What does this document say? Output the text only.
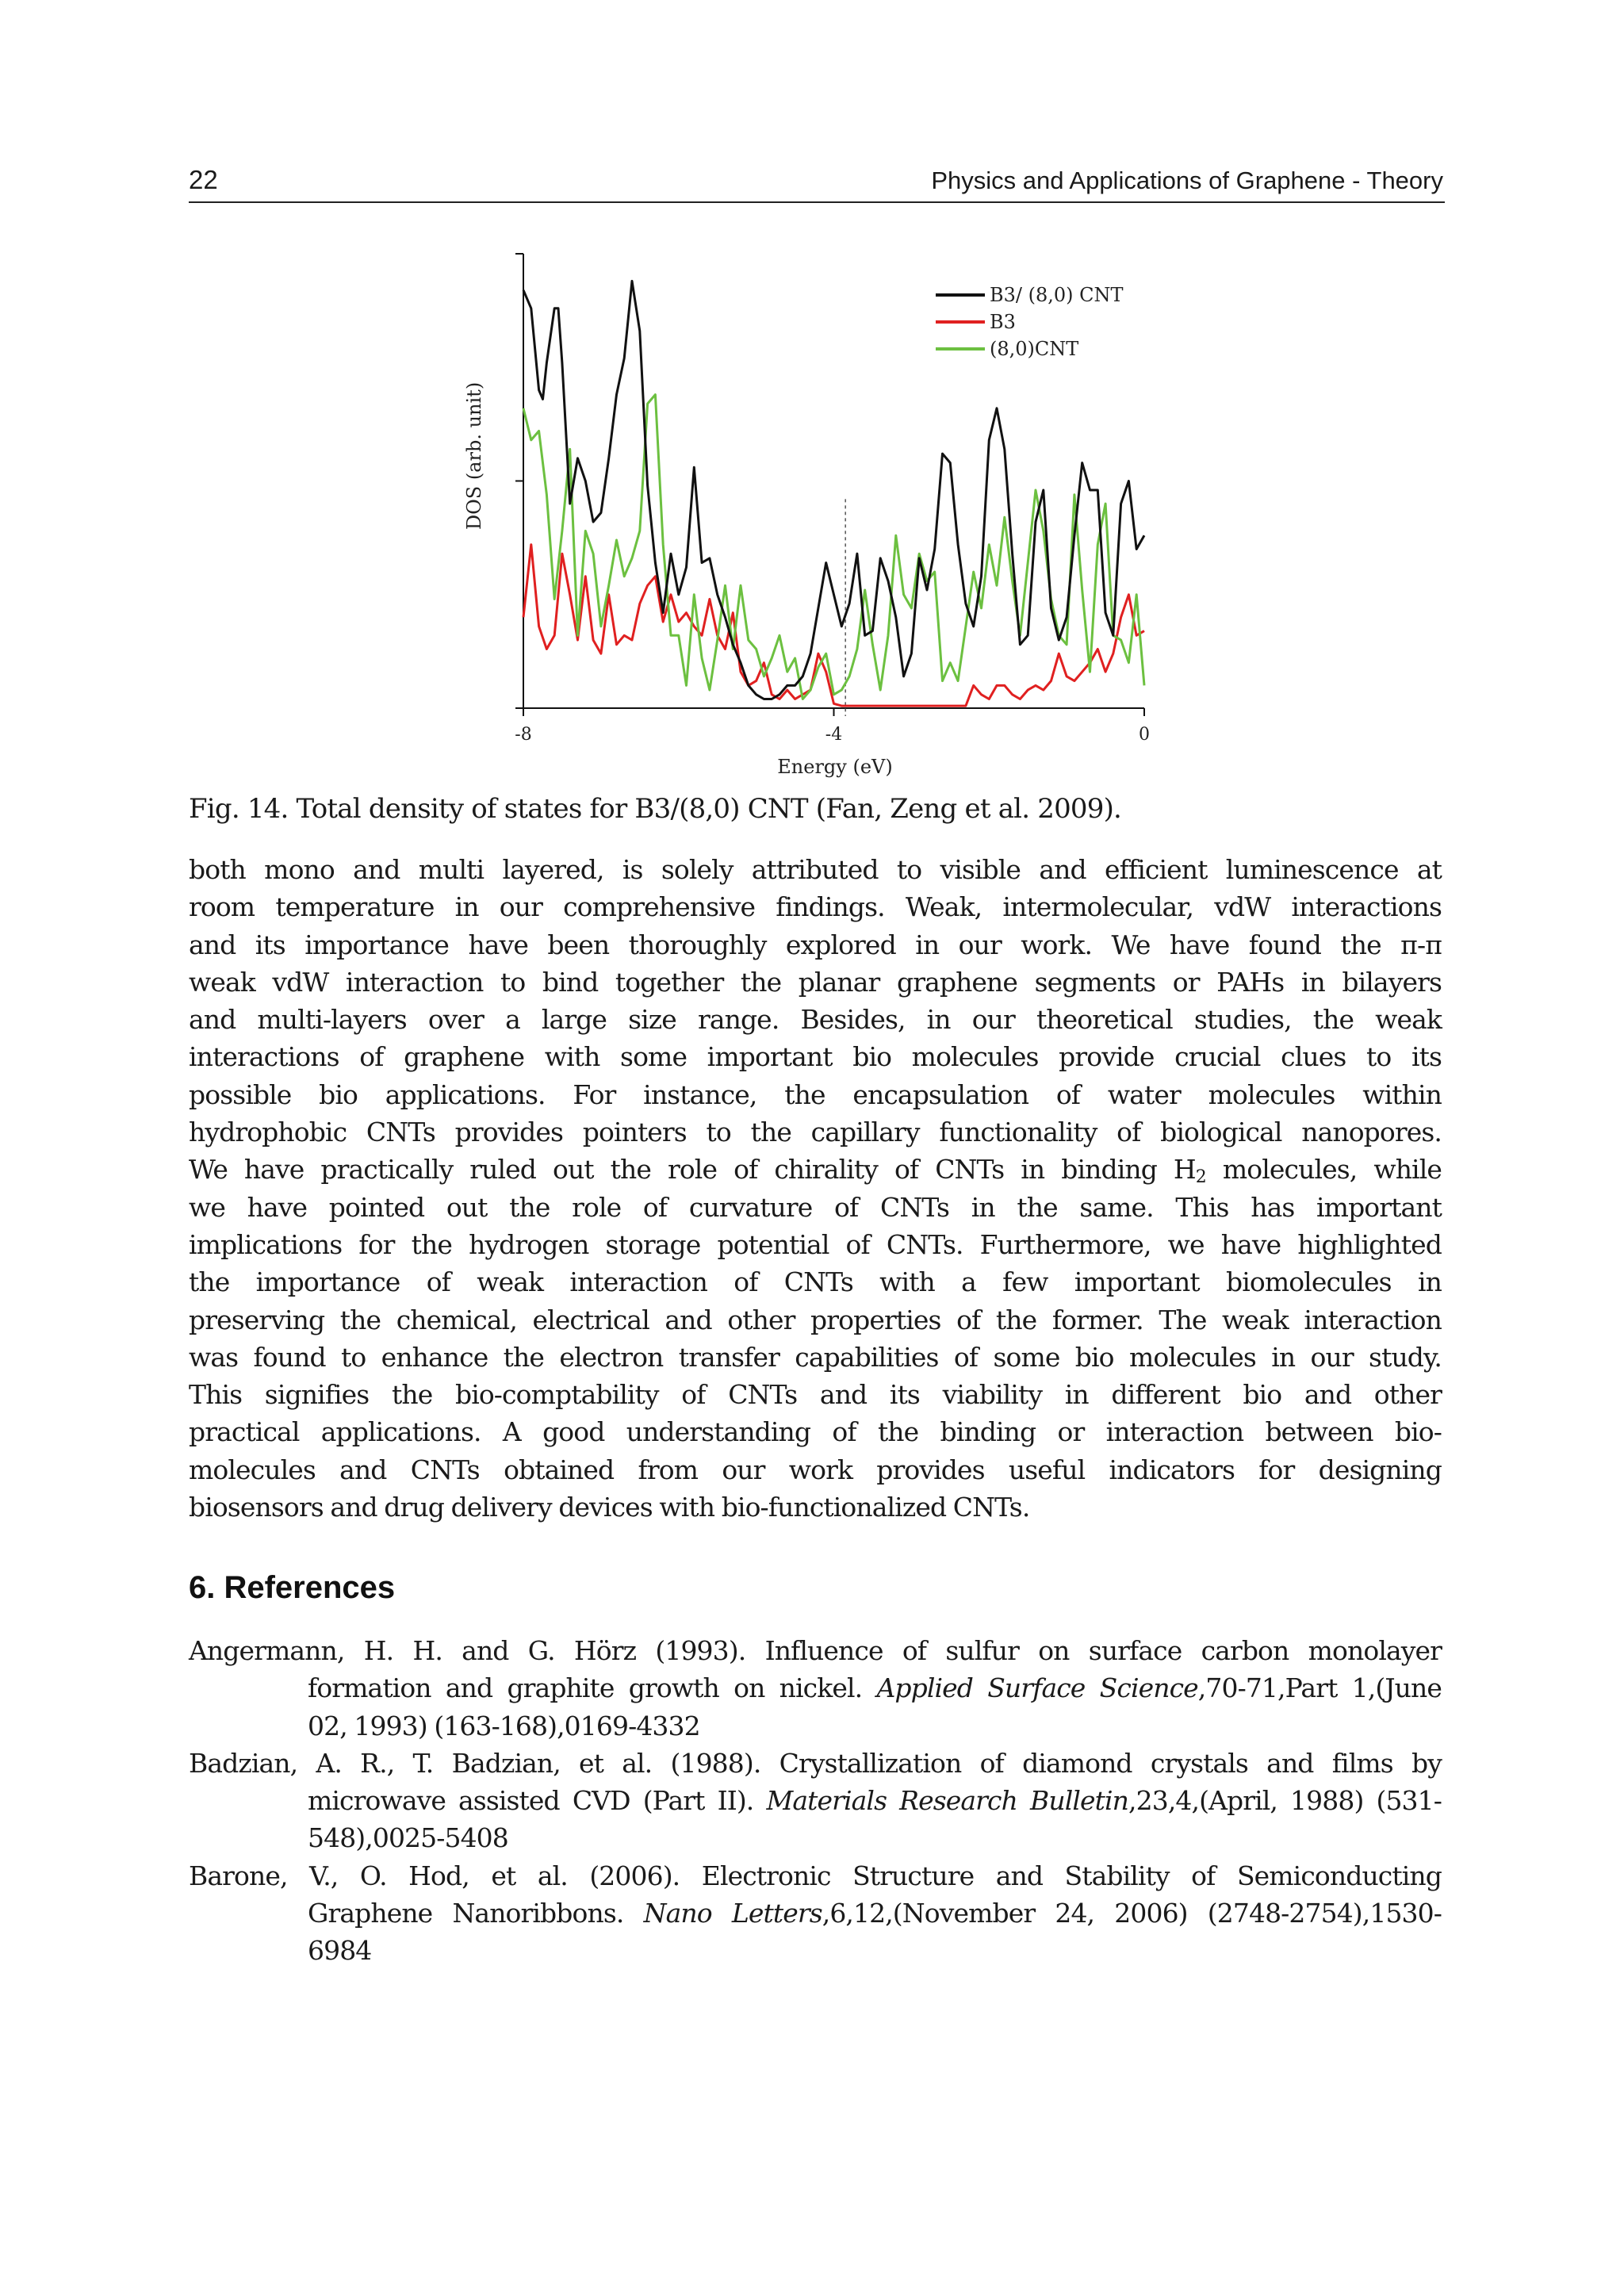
22	Physics and Applications of Graphene - Theory
-8	-4	0
B3/ (8,0) CNT
B3
(8,0)CNT
DOS (arb. unit)
Energy (eV)
Fig. 14. Total density of states for B3/(8,0) CNT (Fan, Zeng et al. 2009).
both mono and multi layered, is solely attributed to visible and efficient luminescence at
room temperature in our comprehensive findings. Weak, intermolecular, vdW interactions
and its importance have been thoroughly explored in our work. We have found the π-π
weak vdW interaction to bind together the planar graphene segments or PAHs in bilayers
and multi-layers over a large size range. Besides, in our theoretical studies, the weak
interactions of graphene with some important bio molecules provide crucial clues to its
possible bio applications. For instance, the encapsulation of water molecules within
hydrophobic CNTs provides pointers to the capillary functionality of biological nanopores.
We have practically ruled out the role of chirality of CNTs in binding $H_2$ molecules, while
we have pointed out the role of curvature of CNTs in the same. This has important
implications for the hydrogen storage potential of CNTs. Furthermore, we have highlighted
the importance of weak interaction of CNTs with a few important biomolecules in
preserving the chemical, electrical and other properties of the former. The weak interaction
was found to enhance the electron transfer capabilities of some bio molecules in our study.
This signifies the bio-comptability of CNTs and its viability in different bio and other
practical applications. A good understanding of the binding or interaction between bio-
molecules and CNTs obtained from our work provides useful indicators for designing
biosensors and drug delivery devices with bio-functionalized CNTs.
6. References
Angermann, H. H. and G. Hörz (1993). Influence of sulfur on surface carbon monolayer
formation and graphite growth on nickel. Applied Surface Science,70-71,Part 1,(June
02, 1993) (163-168),0169-4332
Badzian, A. R., T. Badzian, et al. (1988). Crystallization of diamond crystals and films by
microwave assisted CVD (Part II). Materials Research Bulletin,23,4,(April, 1988) (531-
548),0025-5408
Barone, V., O. Hod, et al. (2006). Electronic Structure and Stability of Semiconducting
Graphene Nanoribbons. Nano Letters,6,12,(November 24, 2006) (2748-2754),1530-
6984
